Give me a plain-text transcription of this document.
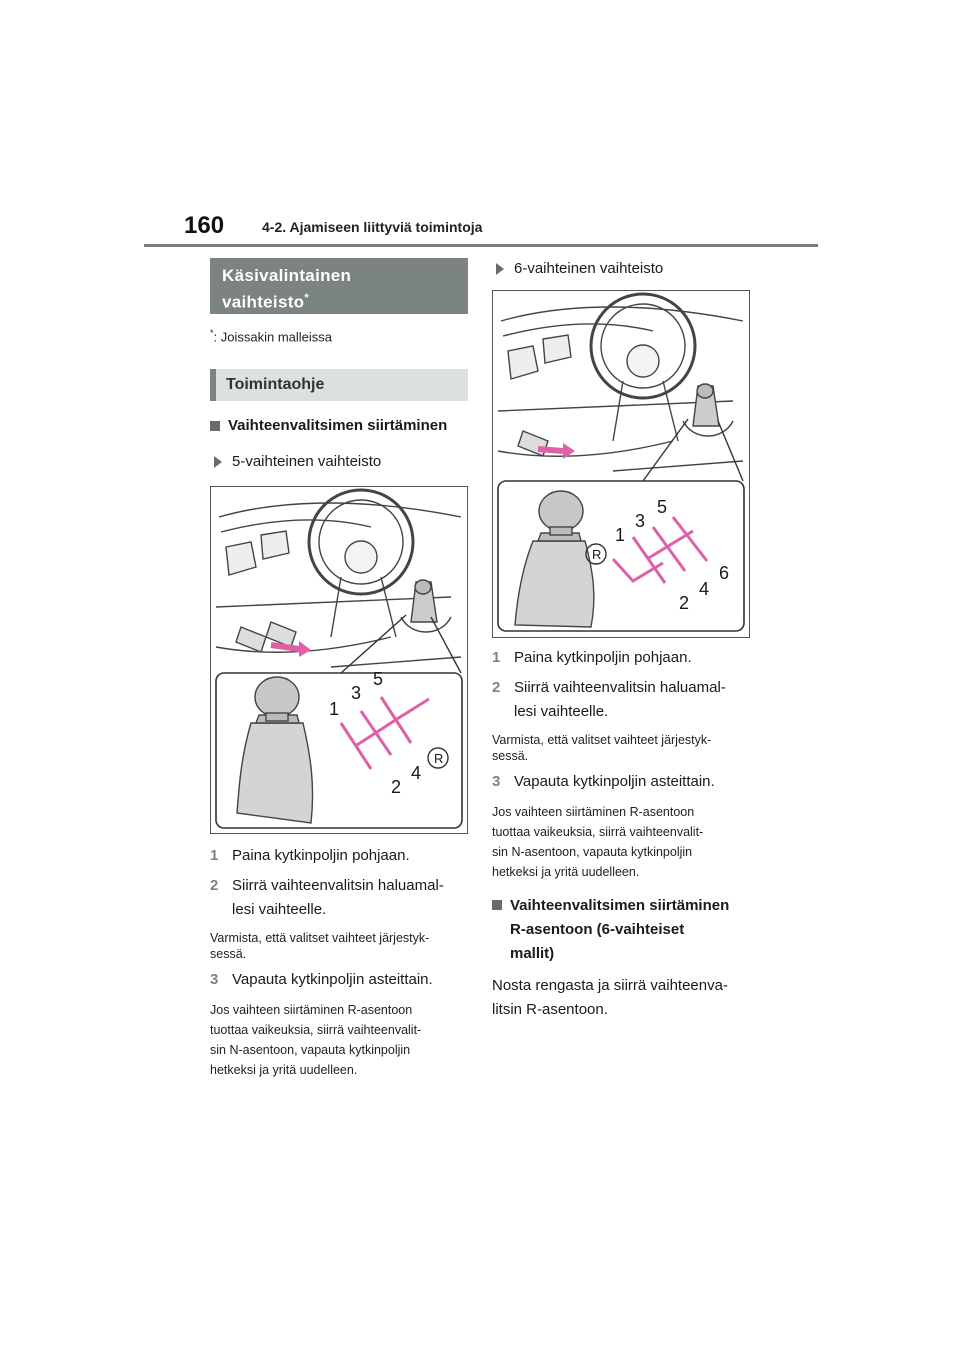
160	4-2. Ajamiseen liittyviä toimintoja
Käsivalintainen
vaihteisto*
*: Joissakin malleissa
Toimintaohje
Vaihteenvalitsimen siirtäminen
5-vaihteinen vaihteisto
1
3
5
2
4
R
1 Paina kytkinpoljin pohjaan.
2 Siirrä vaihteenvalitsin haluamal-
lesi vaihteelle.
Varmista, että valitset vaihteet järjestyk-
sessä.
3 Vapauta kytkinpoljin asteittain.
Jos vaihteen siirtäminen R-asentoon
tuottaa vaikeuksia, siirrä vaihteenvalit-
sin N-asentoon, vapauta kytkinpoljin
hetkeksi ja yritä uudelleen.
6-vaihteinen vaihteisto
R
1
3
5
2
4
6
1 Paina kytkinpoljin pohjaan.
2 Siirrä vaihteenvalitsin haluamal-
lesi vaihteelle.
Varmista, että valitset vaihteet järjestyk-
sessä.
3 Vapauta kytkinpoljin asteittain.
Jos vaihteen siirtäminen R-asentoon
tuottaa vaikeuksia, siirrä vaihteenvalit-
sin N-asentoon, vapauta kytkinpoljin
hetkeksi ja yritä uudelleen.
Vaihteenvalitsimen siirtäminen
R-asentoon (6-vaihteiset
mallit)
Nosta rengasta ja siirrä vaihteenva-
litsin R-asentoon.
